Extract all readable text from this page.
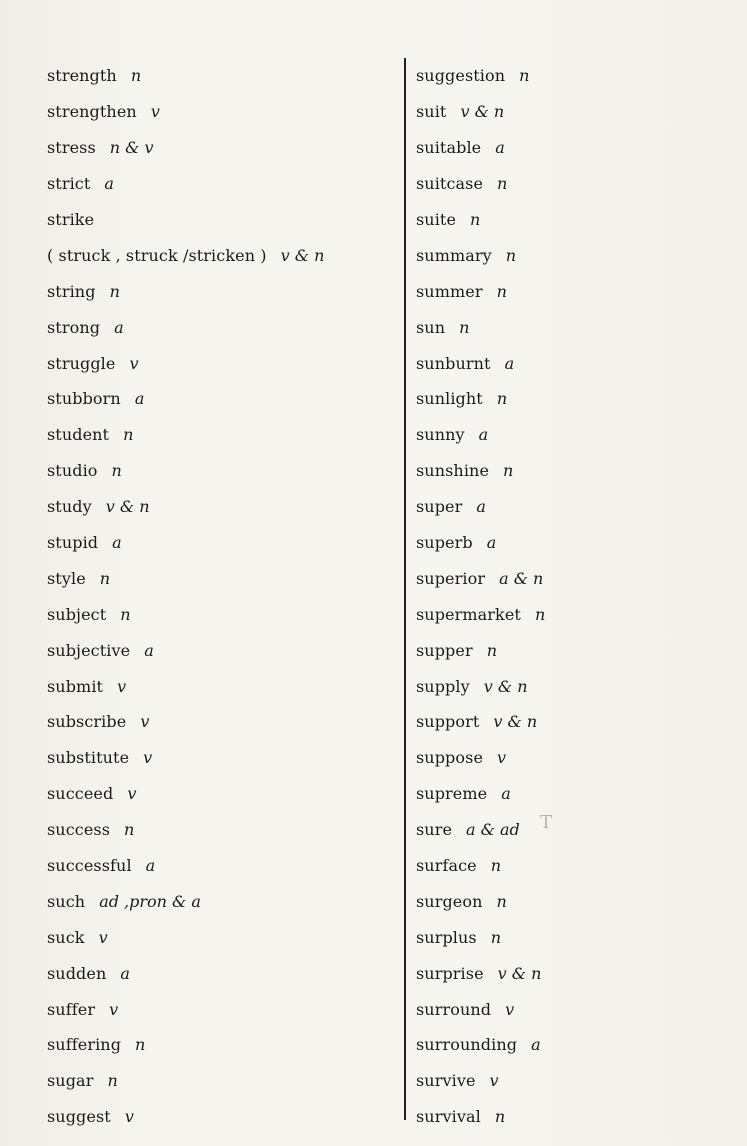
strength n
strengthen v
stress n & v
strict a
strike
( struck , struck /stricken ) v & n
string n
strong a
struggle v
stubborn a
student n
studio n
study v & n
stupid a
style n
subject n
subjective a
submit v
subscribe v
substitute v
succeed v
success n
successful a
such ad ,pron & a
suck v
sudden a
suffer v
suffering n
sugar n
suggest v
suggestion n
suit v & n
suitable a
suitcase n
suite n
summary n
summer n
sun n
sunburnt a
sunlight n
sunny a
sunshine n
super a
superb a
superior a & n
supermarket n
supper n
supply v & n
support v & n
suppose v
supreme a
sure a & ad
surface n
surgeon n
surplus n
surprise v & n
surround v
surrounding a
survive v
survival n
T
